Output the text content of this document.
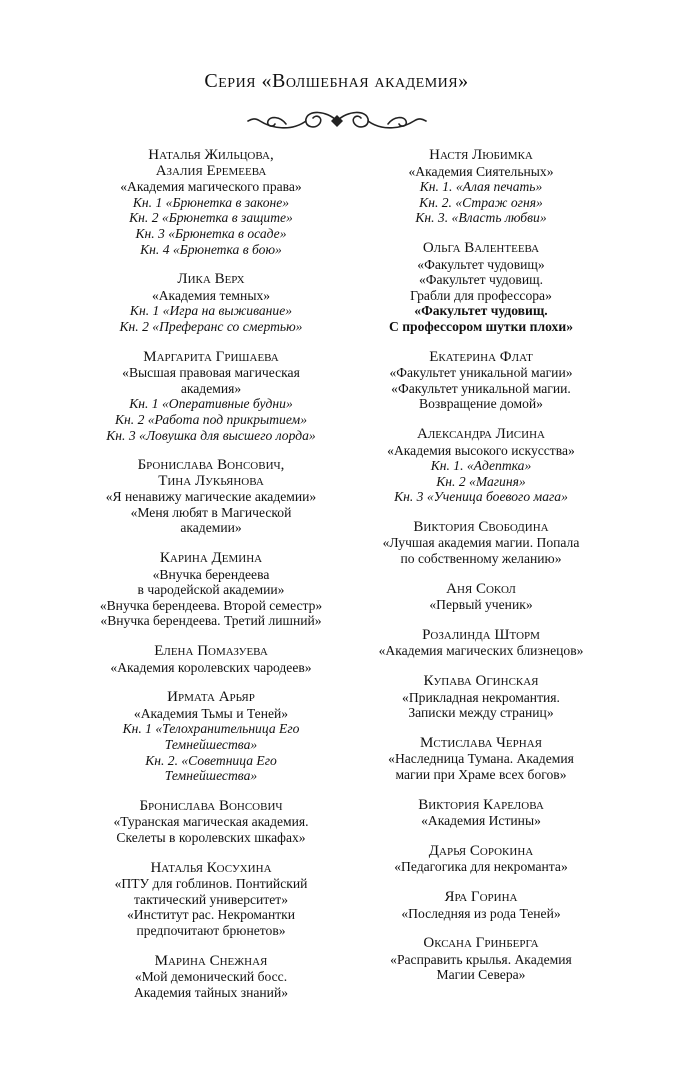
Серия «Волшебная академия»
Наталья Жильцова,
Азалия Еремеева
«Академия магического права»
Кн. 1 «Брюнетка в законе»
Кн. 2 «Брюнетка в защите»
Кн. 3 «Брюнетка в осаде»
Кн. 4 «Брюнетка в бою»
Лика Верх
«Академия темных»
Кн. 1 «Игра на выживание»
Кн. 2 «Преферанс со смертью»
Маргарита Гришаева
«Высшая правовая магическая
академия»
Кн. 1 «Оперативные будни»
Кн. 2 «Работа под прикрытием»
Кн. 3 «Ловушка для высшего лорда»
Бронислава Вонсович,
Тина Лукьянова
«Я ненавижу магические академии»
«Меня любят в Магической
академии»
Карина Демина
«Внучка берендеева
в чародейской академии»
«Внучка берендеева. Второй семестр»
«Внучка берендеева. Третий лишний»
Елена Помазуева
«Академия королевских чародеев»
Ирмата Арьяр
«Академия Тьмы и Теней»
Кн. 1 «Телохранительница Его
Темнейшества»
Кн. 2. «Советница Его
Темнейшества»
Бронислава Вонсович
«Туранская магическая академия.
Скелеты в королевских шкафах»
Наталья Косухина
«ПТУ для гоблинов. Понтийский
тактический университет»
«Институт рас. Некромантки
предпочитают брюнетов»
Марина Снежная
«Мой демонический босс.
Академия тайных знаний»
Настя Любимка
«Академия Сиятельных»
Кн. 1. «Алая печать»
Кн. 2. «Страж огня»
Кн. 3. «Власть любви»
Ольга Валентеева
«Факультет чудовищ»
«Факультет чудовищ.
Грабли для профессора»
«Факультет чудовищ.
С профессором шутки плохи»
Екатерина Флат
«Факультет уникальной магии»
«Факультет уникальной магии.
Возвращение домой»
Александра Лисина
«Академия высокого искусства»
Кн. 1. «Адептка»
Кн. 2 «Магиня»
Кн. 3 «Ученица боевого мага»
Виктория Свободина
«Лучшая академия магии. Попала
по собственному желанию»
Аня Сокол
«Первый ученик»
Розалинда Шторм
«Академия магических близнецов»
Купава Огинская
«Прикладная некромантия.
Записки между страниц»
Мстислава Черная
«Наследница Тумана. Академия
магии при Храме всех богов»
Виктория Карелова
«Академия Истины»
Дарья Сорокина
«Педагогика для некроманта»
Яра Горина
«Последняя из рода Теней»
Оксана Гринберга
«Расправить крылья. Академия
Магии Севера»
